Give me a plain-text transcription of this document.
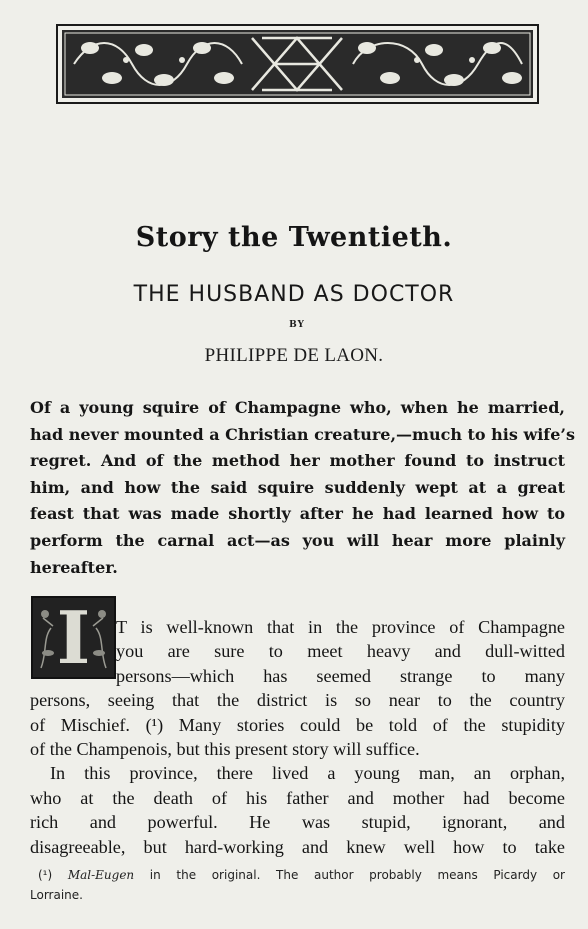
Story the Twentieth.
THE HUSBAND AS DOCTOR
BY
PHILIPPE DE LAON.
Of a young squire of Champagne who, when he married,
had never mounted a Christian creature,—much to his wife’s
regret. And of the method her mother found to instruct
him, and how the said squire suddenly wept at a great
feast that was made shortly after he had learned how to
perform the carnal act—as you will hear more plainly
hereafter.
I	T is well-known that in the province of Champagne
you are sure to meet heavy and dull-witted
persons—which has seemed strange to many
persons, seeing that the district is so near to the country
of Mischief. (¹) Many stories could be told of the stupidity
of the Champenois, but this present story will suffice.
In this province, there lived a young man, an orphan,
who at the death of his father and mother had become
rich and powerful. He was stupid, ignorant, and
disagreeable, but hard-working and knew well how to take
(¹) Mal-Eugen in the original. The author probably means Picardy or
Lorraine.
